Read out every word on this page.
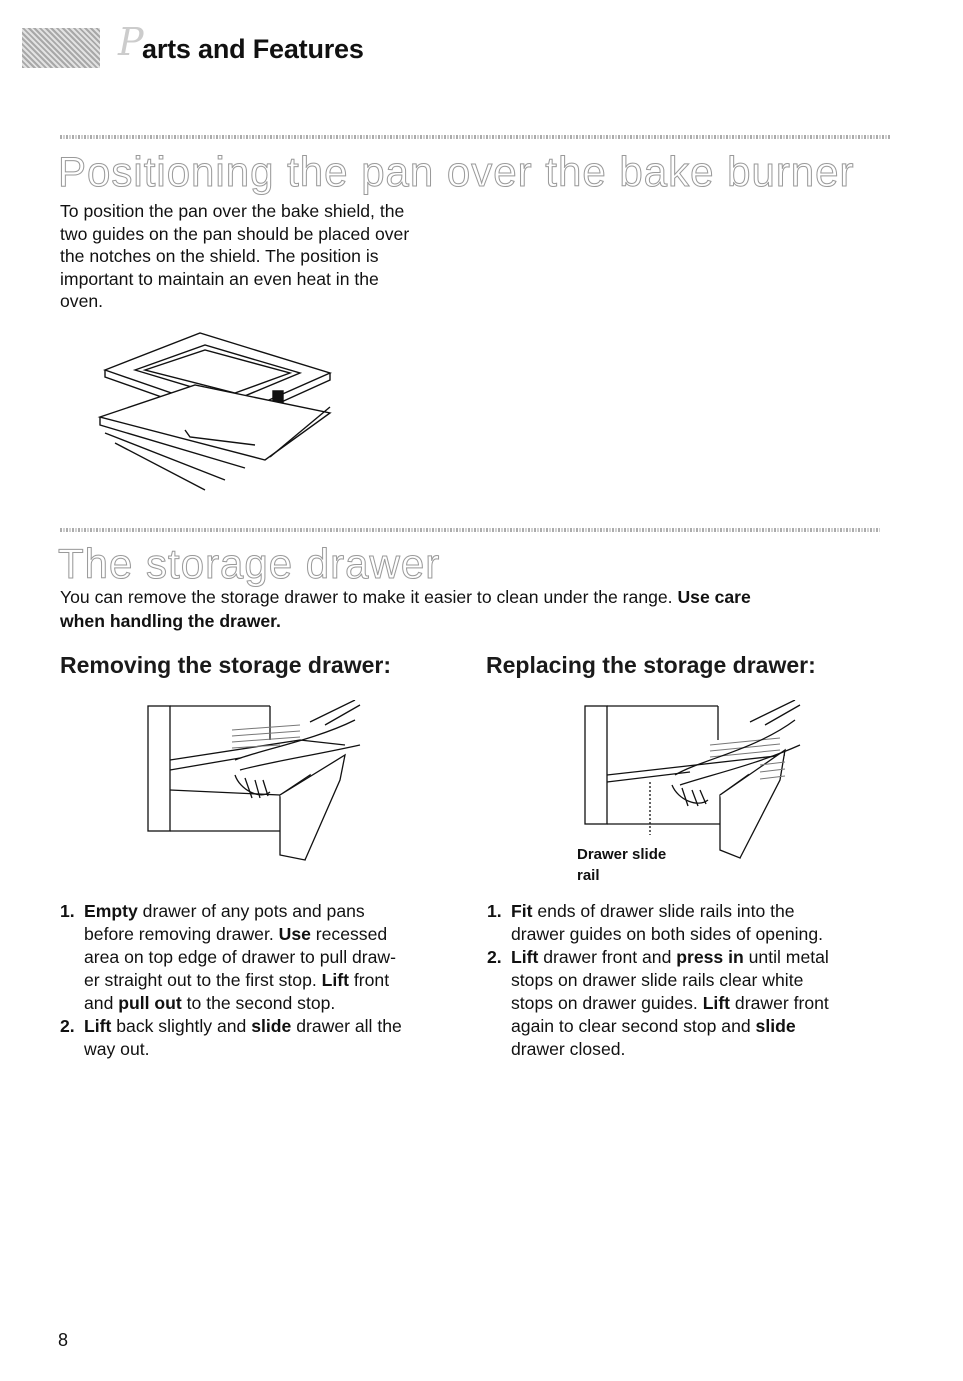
P arts and Features
Positioning the pan over the bake burner
To position the pan over the bake shield, the
two guides on the pan should be placed over
the notches on the shield. The position is
important to maintain an even heat in the
oven.
The storage drawer
You can remove the storage drawer to make it easier to clean under the range. Use care
when handling the drawer.
Removing the storage drawer:	Replacing the storage drawer:
Drawer slide
rail
1. Empty drawer of any pots and pans
before removing drawer. Use recessed
area on top edge of drawer to pull draw-
er straight out to the first stop. Lift front
and pull out to the second stop.
2. Lift back slightly and slide drawer all the
way out.
1. Fit ends of drawer slide rails into the
drawer guides on both sides of opening.
2. Lift drawer front and press in until metal
stops on drawer slide rails clear white
stops on drawer guides. Lift drawer front
again to clear second stop and slide
drawer closed.
8
